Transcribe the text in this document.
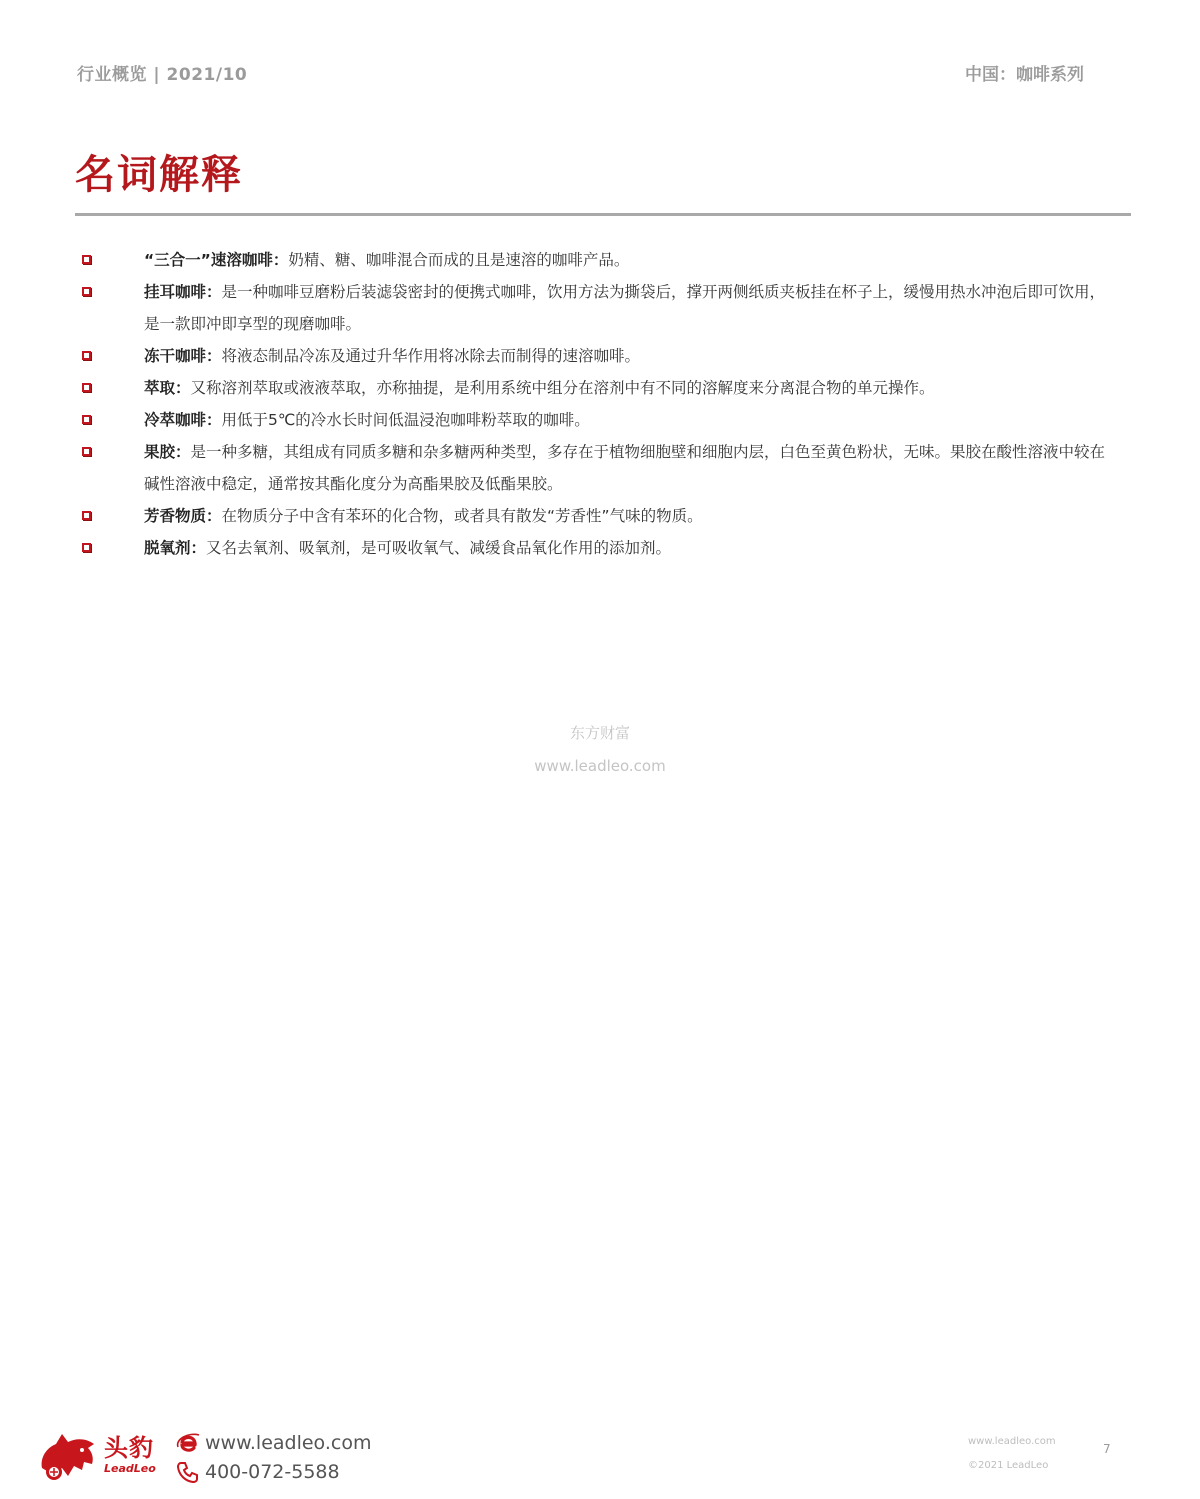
行业概览 | 2021/10	中国：咖啡系列
名词解释
“三合一”速溶咖啡：奶精、糖、咖啡混合而成的且是速溶的咖啡产品。
挂耳咖啡：是一种咖啡豆磨粉后装滤袋密封的便携式咖啡，饮用方法为撕袋后，撑开两侧纸质夹板挂在杯子上，缓慢用热水冲泡后即可饮用，是一款即冲即享型的现磨咖啡。
冻干咖啡：将液态制品冷冻及通过升华作用将冰除去而制得的速溶咖啡。
萃取：又称溶剂萃取或液液萃取，亦称抽提，是利用系统中组分在溶剂中有不同的溶解度来分离混合物的单元操作。
冷萃咖啡：用低于5℃的冷水长时间低温浸泡咖啡粉萃取的咖啡。
果胶：是一种多糖，其组成有同质多糖和杂多糖两种类型，多存在于植物细胞壁和细胞内层，白色至黄色粉状，无味。果胶在酸性溶液中较在碱性溶液中稳定，通常按其酯化度分为高酯果胶及低酯果胶。
芳香物质：在物质分子中含有苯环的化合物，或者具有散发“芳香性”气味的物质。
脱氧剂：又名去氧剂、吸氧剂，是可吸收氧气、减缓食品氧化作用的添加剂。
东方财富
www.leadleo.com
头豹
LeadLeo
www.leadleo.com
400-072-5588
www.leadleo.com
©2021 LeadLeo
7
